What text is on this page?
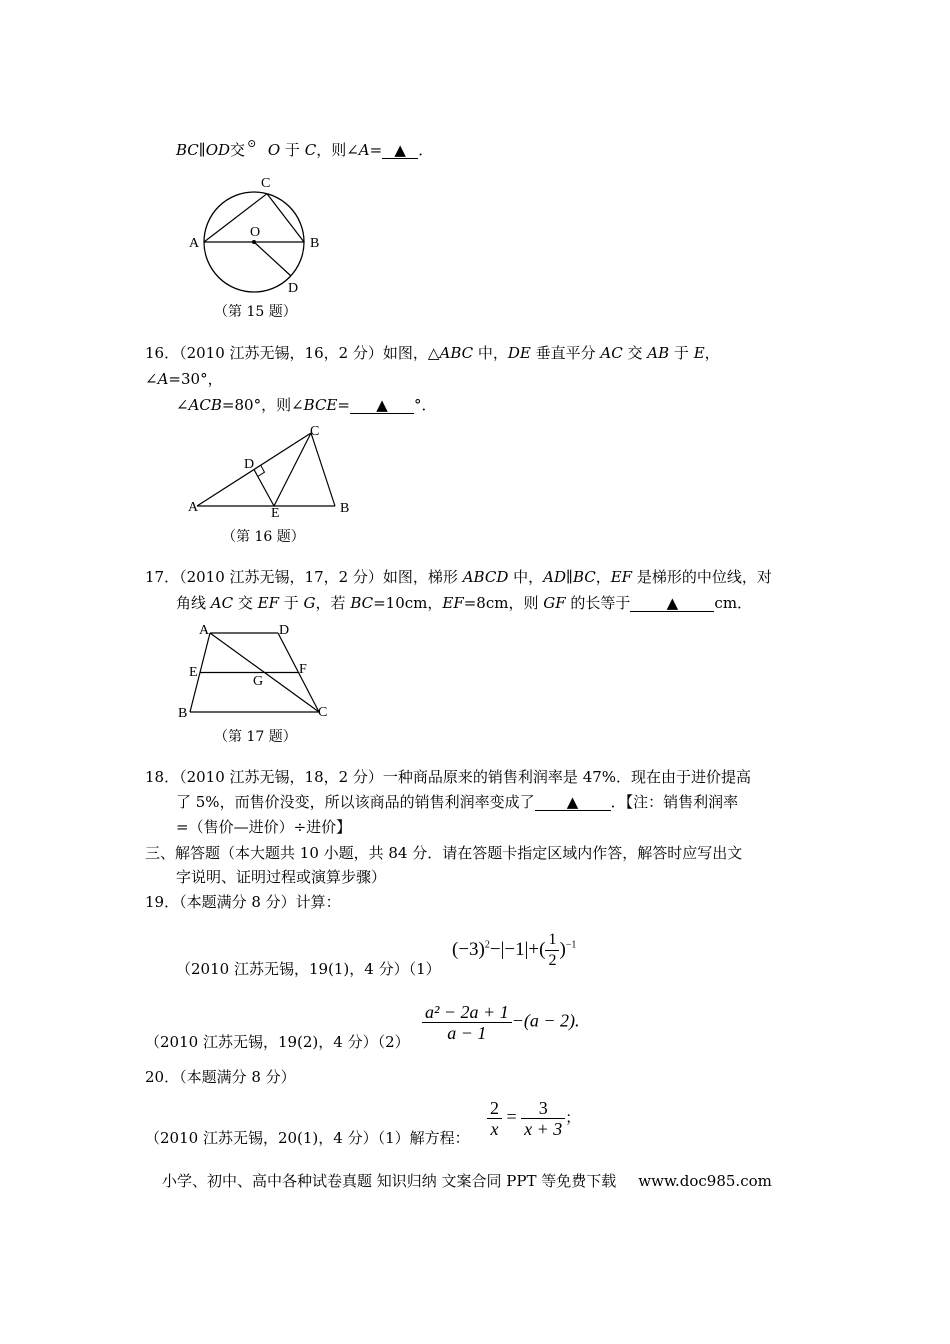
BC∥OD交 ⊙ O 于 C，则∠A= ▲ ．
C
A
O
B
D
（第 15 题）
16．（2010 江苏无锡，16，2 分）如图，△ABC 中，DE 垂直平分 AC 交 AB 于 E，
∠A=30°，
∠ACB=80°，则∠BCE= ▲ °．
C
D
A	E	B
（第 16 题）
17．（2010 江苏无锡，17，2 分）如图，梯形 ABCD 中，AD∥BC，EF 是梯形的中位线，对
角线 AC 交 EF 于 G，若 BC=10cm，EF=8cm，则 GF 的长等于 ▲ cm．
A	D
E	F
G
B	C
（第 17 题）
18．（2010 江苏无锡，18，2 分）一种商品原来的销售利润率是 47%．现在由于进价提高
了 5%，而售价没变，所以该商品的销售利润率变成了 ▲ ．【注：销售利润率
=（售价—进价）÷进价】
三、解答题（本大题共 10 小题，共 84 分．请在答题卡指定区域内作答，解答时应写出文
字说明、证明过程或演算步骤）
19．（本题满分 8 分）计算：
（2010 江苏无锡，19(1)，4 分）（1）
$(-3)^2-|-1|+( \frac{1}{2} )^{-1}$
（2010 江苏无锡，19(2)，4 分）$(2) \frac{\text{a² − 2a + 1}}{a - 1} -(a - 2)$.
20．（本题满分 8 分）
（2010 江苏无锡，20(1)，4 分）（1）解方程： $\frac{2}{x} = \frac{3}{x + 3}$ ；
小学、初中、高中各种试卷真题 知识归纳 文案合同 PPT 等免费下载 www.doc985.com
